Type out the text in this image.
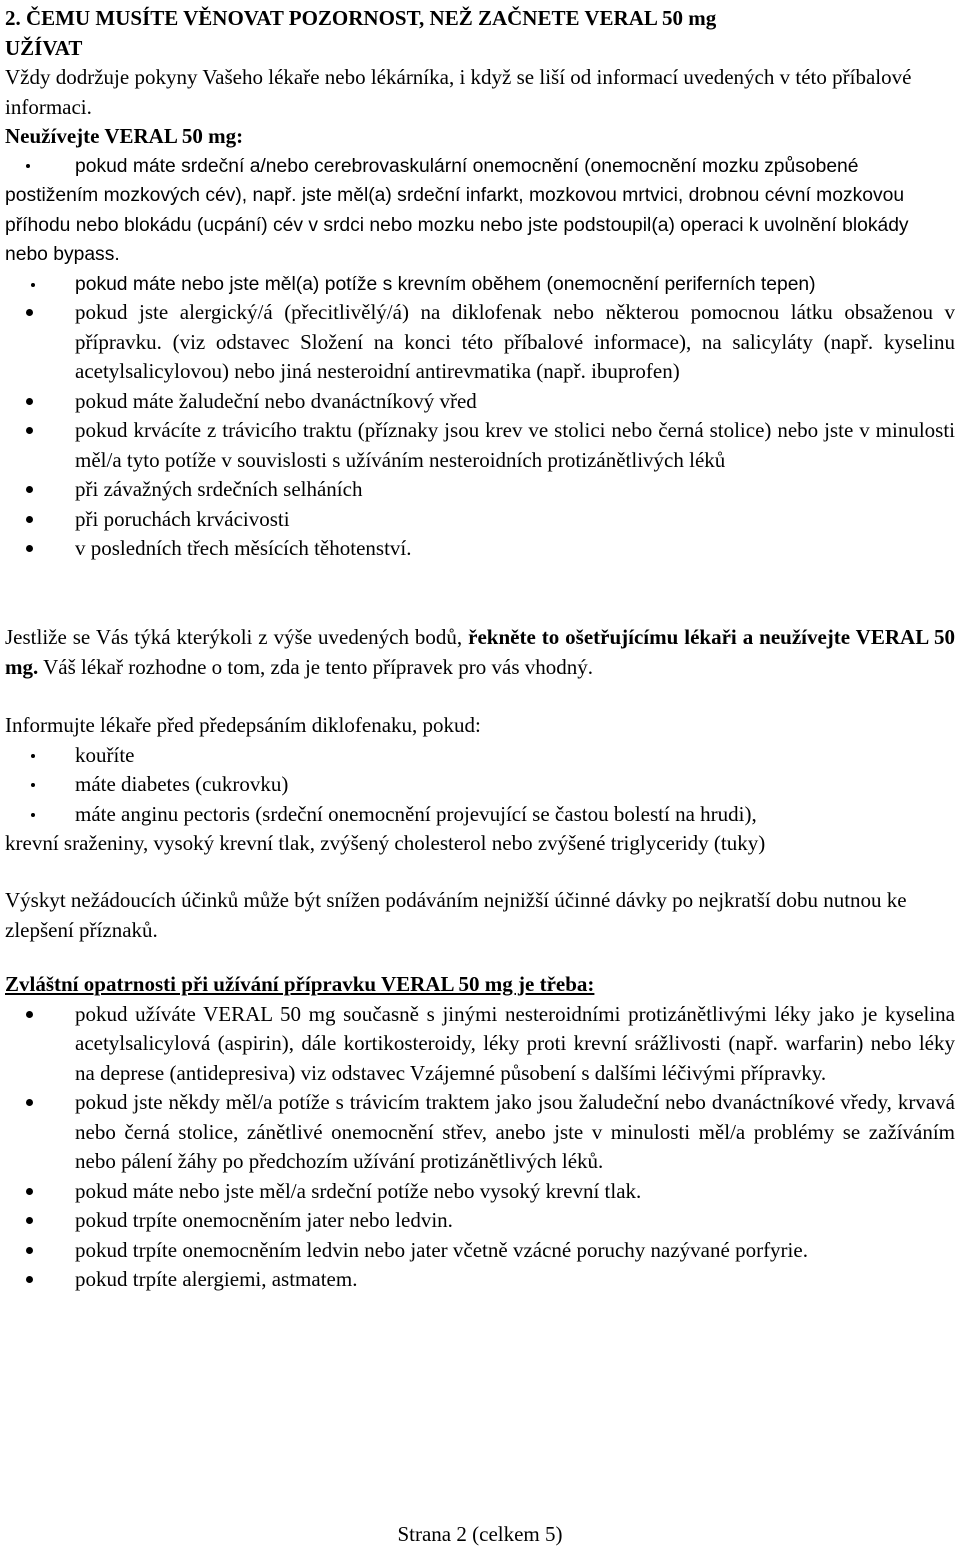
2. ČEMU MUSÍTE VĚNOVAT POZORNOST, NEŽ ZAČNETE VERAL 50 mg
UŽÍVAT
Vždy dodržuje pokyny Vašeho lékaře nebo lékárníka, i když se liší od informací uvedených v této příbalové informaci.
Neužívejte VERAL 50 mg:
pokud máte srdeční a/nebo cerebrovaskulární onemocnění (onemocnění mozku způsobené postižením mozkových cév), např. jste měl(a) srdeční infarkt, mozkovou mrtvici, drobnou cévní mozkovou příhodu nebo blokádu (ucpání) cév v srdci nebo mozku nebo jste podstoupil(a) operaci k uvolnění blokády nebo bypass.
pokud máte nebo jste měl(a) potíže s krevním oběhem (onemocnění periferních tepen)
pokud jste alergický/á (přecitlivělý/á) na diklofenak nebo některou pomocnou látku obsaženou v přípravku. (viz odstavec Složení na konci této příbalové informace), na salicyláty (např. kyselinu acetylsalicylovou) nebo jiná nesteroidní antirevmatika (např. ibuprofen)
pokud máte žaludeční nebo dvanáctníkový vřed
pokud krvácíte z trávicího traktu (příznaky jsou krev ve stolici nebo černá stolice) nebo jste v minulosti měl/a tyto potíže v souvislosti s užíváním nesteroidních protizánětlivých léků
při závažných srdečních selháních
při poruchách krvácivosti
v posledních třech měsících těhotenství.
Jestliže se Vás týká kterýkoli z výše uvedených bodů, řekněte to ošetřujícímu lékaři a neužívejte VERAL 50 mg. Váš lékař rozhodne o tom, zda je tento přípravek pro vás vhodný.
Informujte lékaře před předepsáním diklofenaku, pokud:
kouříte
máte diabetes (cukrovku)
máte anginu pectoris (srdeční onemocnění projevující se častou bolestí na hrudi),
krevní sraženiny, vysoký krevní tlak, zvýšený cholesterol nebo zvýšené triglyceridy (tuky)
Výskyt nežádoucích účinků může být snížen podáváním nejnižší účinné dávky po nejkratší dobu nutnou ke zlepšení příznaků.
Zvláštní opatrnosti při užívání přípravku VERAL 50 mg je třeba:
pokud užíváte VERAL 50 mg současně s jinými nesteroidními protizánětlivými léky jako je kyselina acetylsalicylová (aspirin), dále kortikosteroidy, léky proti krevní srážlivosti (např. warfarin) nebo léky na deprese (antidepresiva) viz odstavec Vzájemné působení s dalšími léčivými přípravky.
pokud jste někdy měl/a potíže s trávicím traktem jako jsou žaludeční nebo dvanáctníkové vředy, krvavá nebo černá stolice, zánětlivé onemocnění střev, anebo jste v minulosti měl/a problémy se zažíváním nebo pálení žáhy po předchozím užívání protizánětlivých léků.
pokud máte nebo jste měl/a srdeční potíže nebo vysoký krevní tlak.
pokud trpíte onemocněním jater nebo ledvin.
pokud trpíte onemocněním ledvin nebo jater včetně vzácné poruchy nazývané porfyrie.
pokud trpíte alergiemi, astmatem.
Strana 2 (celkem 5)
